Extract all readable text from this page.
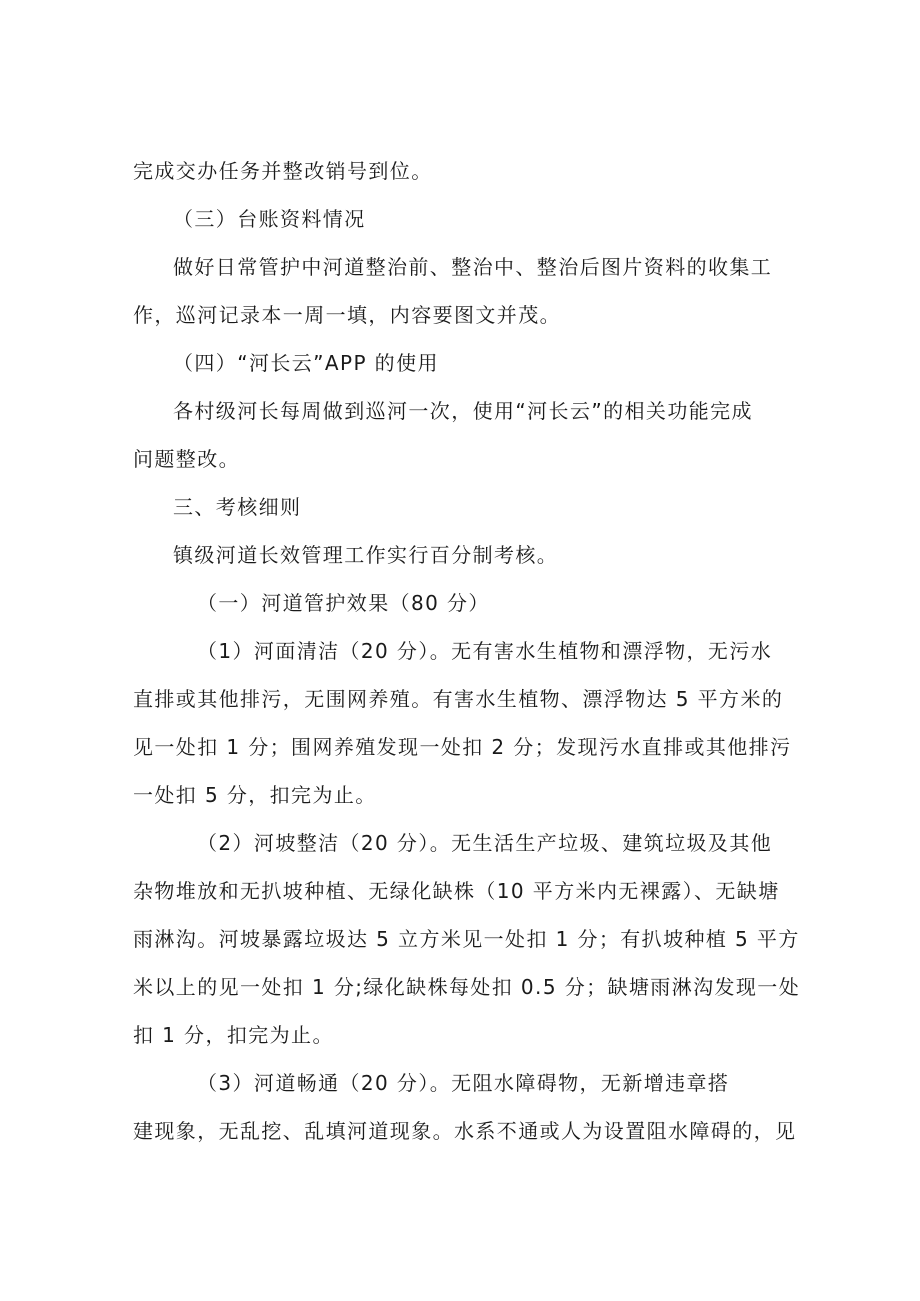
完成交办任务并整改销号到位。
（三）台账资料情况
做好日常管护中河道整治前、整治中、整治后图片资料的收集工
作，巡河记录本一周一填，内容要图文并茂。
（四）“河长云”APP 的使用
各村级河长每周做到巡河一次，使用“河长云”的相关功能完成
问题整改。
三、考核细则
镇级河道长效管理工作实行百分制考核。
（一）河道管护效果（80 分）
（1）河面清洁（20 分）。无有害水生植物和漂浮物，无污水
直排或其他排污，无围网养殖。有害水生植物、漂浮物达 5 平方米的
见一处扣 1 分；围网养殖发现一处扣 2 分；发现污水直排或其他排污
一处扣 5 分，扣完为止。
（2）河坡整洁（20 分）。无生活生产垃圾、建筑垃圾及其他
杂物堆放和无扒坡种植、无绿化缺株（10 平方米内无裸露）、无缺塘
雨淋沟。河坡暴露垃圾达 5 立方米见一处扣 1 分；有扒坡种植 5 平方
米以上的见一处扣 1 分;绿化缺株每处扣 0.5 分；缺塘雨淋沟发现一处
扣 1 分，扣完为止。
（3）河道畅通（20 分）。无阻水障碍物，无新增违章搭
建现象，无乱挖、乱填河道现象。水系不通或人为设置阻水障碍的，见
